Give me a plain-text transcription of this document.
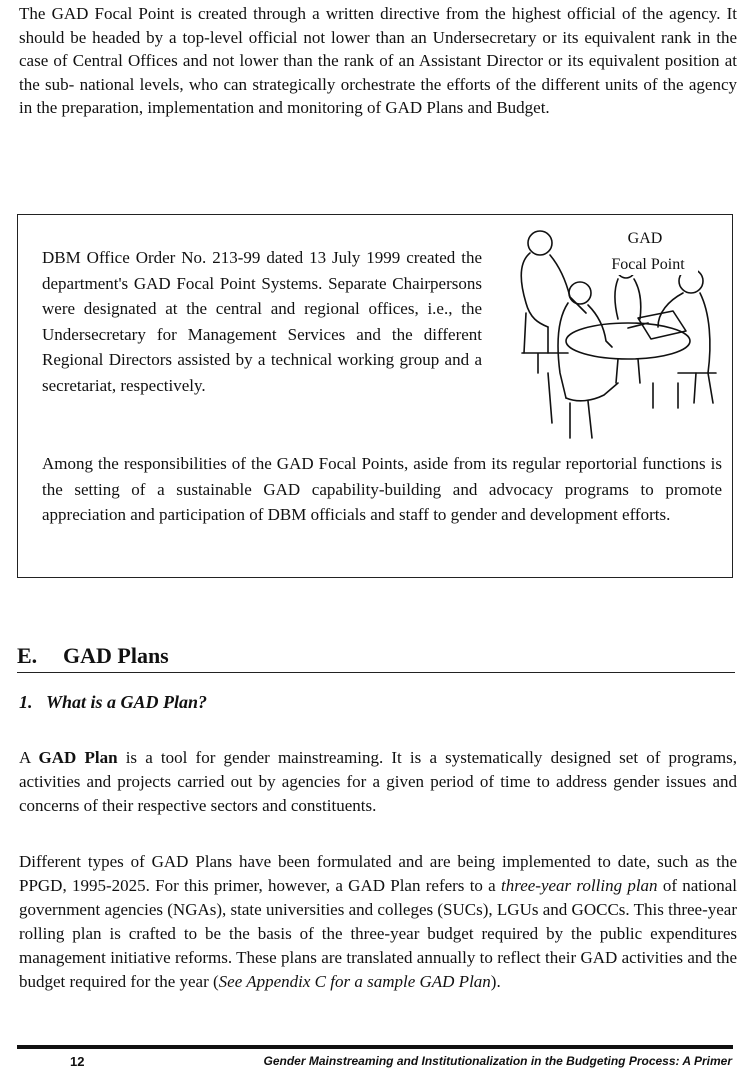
The GAD Focal Point is created through a written directive from the highest official of the agency. It should be headed by a top-level official not lower than an Undersecretary or its equivalent rank in the case of Central Offices and not lower than the rank of an Assistant Director or its equivalent position at the sub- national levels, who can strategically orchestrate the efforts of the different units of the agency in the preparation, implementation and monitoring of GAD Plans and Budget.

DBM Office Order No. 213-99 dated 13 July 1999 created the department's GAD Focal Point Systems. Separate Chairpersons were designated at the central and regional offices, i.e., the Undersecretary for Management Services and the different Regional Directors assisted by a technical working group and a secretariat, respectively.

GAD
Focal Point

Among the responsibilities of the GAD Focal Points, aside from its regular reportorial functions is the setting of a sustainable GAD capability-building and advocacy programs to promote appreciation and participation of DBM officials and staff to gender and development efforts.

E. GAD Plans

1. What is a GAD Plan?

A GAD Plan is a tool for gender mainstreaming. It is a systematically designed set of programs, activities and projects carried out by agencies for a given period of time to address gender issues and concerns of their respective sectors and constituents.

Different types of GAD Plans have been formulated and are being implemented to date, such as the PPGD, 1995-2025. For this primer, however, a GAD Plan refers to a three-year rolling plan of national government agencies (NGAs), state universities and colleges (SUCs), LGUs and GOCCs. This three-year rolling plan is crafted to be the basis of the three-year budget required by the public expenditures management initiative reforms. These plans are translated annually to reflect their GAD activities and the budget required for the year (See Appendix C for a sample GAD Plan).

12	Gender Mainstreaming and Institutionalization in the Budgeting Process: A Primer
